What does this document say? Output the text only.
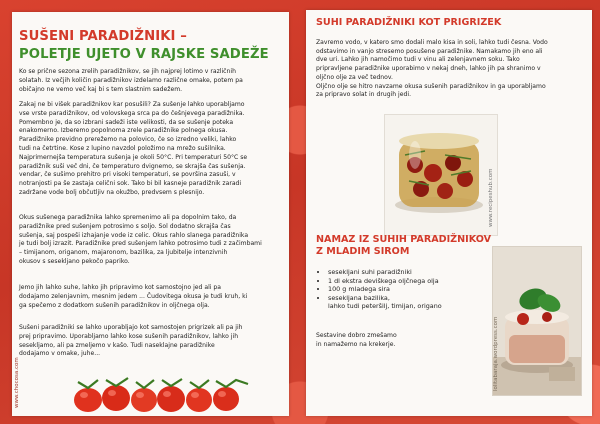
SUŠENI PARADIŽNIKI –
POLETJE UJETO V RAJSKE SADEŽE

Ko se prične sezona zrelih paradižnikov, se jih najprej lotimo v različnih
solatah. Iz večjih količin paradižnikov izdelamo različne omake, potem pa
običajno ne vemo več kaj bi s tem slastnim sadežem.

Zakaj ne bi višek paradižnikov kar posušili? Za sušenje lahko uporabljamo
vse vrste paradižnikov, od volovskega srca pa do češnjevega paradižnika.
Pomembno je, da so izbrani sadeži iste velikosti, da se sušenje poteka
enakomerno. Izberemo popolnoma zrele paradižnike polnega okusa.
Paradižnike previdno prerežemo na polovico, če so izredno veliki, lahko
tudi na četrtine. Kose z lupino navzdol položimo na mrežo sušilnika.
Najprimernejša temperatura sušenja je okoli 50°C. Pri temperaturi 50°C se
paradižnik suši več dni, če temperaturo dvignemo, se skrajša čas sušenja.
vendar, če sušimo prehitro pri visoki temperaturi, se površina zasuši, v
notranjosti pa še zastaja celični sok. Tako bi bil kasneje paradižnik zaradi
zadržane vode bolj občutljiv na okužbo, predvsem s plesnijo.

Okus sušenega paradižnika lahko spremenimo ali pa dopolnim tako, da
paradižnike pred sušenjem potrosimo s soljo. Sol dodatno skrajša čas
sušenja, saj pospeši izhajanje vode iz celic. Okus rahlo slanega paradižnika
je tudi bolj izrazit. Paradižnike pred sušenjem lahko potrosimo tudi z začimbami
– timijanom, origanom, majaronom, bazilika, za ljubitelje intenzivnih
okusov s sesekljano pekočo papriko.

Jemo jih lahko suhe, lahko jih pripravimo kot samostojno jed ali pa
dodajamo zelenjavnim, mesnim jedem ... Čudovitega okusa je tudi kruh, ki
ga spečemo z dodatkom sušenih paradižnikov in oljčnega olja.

Sušeni paradižniki se lahko uporabljajo kot samostojen prigrizek ali pa jih
prej pripravimo. Uporabljamo lahko kose sušenih paradižnikov, lahko jih
sesekljamo, ali pa zmeljemo v kašo. Tudi naseklajne paradižnike
dodajamo v omake, juhe...

www.chocosa.com
SUHI PARADIŽNIKI KOT PRIGRIZEK

Zavremo vodo, v katero smo dodali malo kisa in soli, lahko tudi česna. Vodo
odstavimo in vanjo stresemo posušene paradižnike. Namakamo jih eno ali
dve uri. Lahko jih namočimo tudi v vinu ali zelenjavnem soku. Tako
pripravljene paradižnike uporabimo v nekaj dneh, lahko jih pa shranimo v
oljčno olje za več tednov.
Oljčno olje se hitro navzame okusa sušenih paradižnikov in ga uporabljamo
za pripravo solat in drugih jedi.

www.recipeshub.com
NAMAZ IZ SUHIH PARADIŽNIKOV
Z MLADIM SIROM
• sesekljani suhi paradižniki
• 1 dl ekstra deviškega oljčnega olja
• 100 g mladega sira
• sesekljana bazilika,
lahko tudi peteršilj, timijan, origano

Sestavine dobro zmešamo
in namažemo na krekerje.	lolitabaraja.wordpress.com
